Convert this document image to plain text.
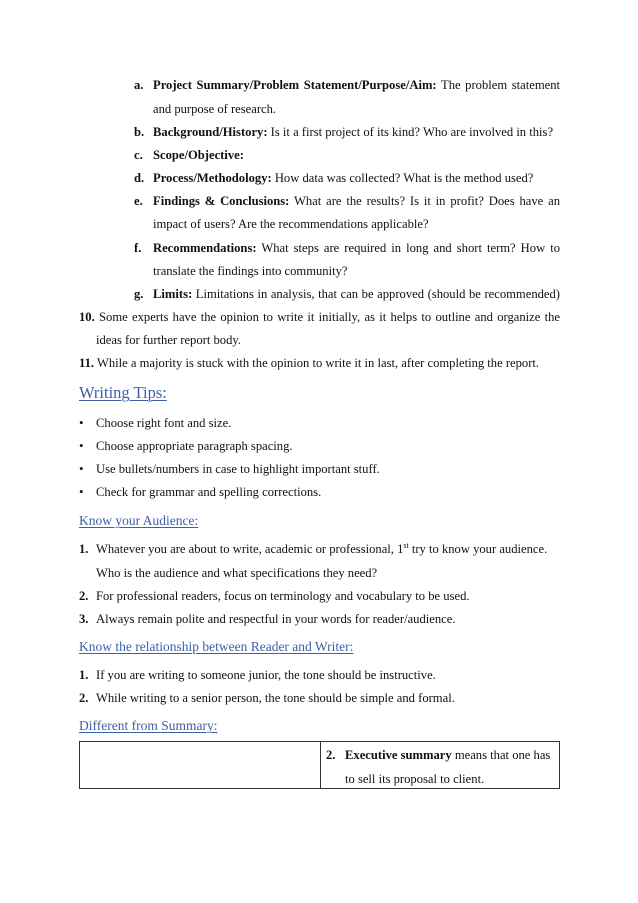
a. Project Summary/Problem Statement/Purpose/Aim: The problem statement
and purpose of research.
b. Background/History: Is it a first project of its kind? Who are involved in this?
c. Scope/Objective:
d. Process/Methodology: How data was collected? What is the method used?
e. Findings & Conclusions: What are the results? Is it in profit? Does have an
impact of users? Are the recommendations applicable?
f. Recommendations: What steps are required in long and short term? How to
translate the findings into community?
g. Limits: Limitations in analysis, that can be approved (should be recommended)
10. Some experts have the opinion to write it initially, as it helps to outline and organize the
ideas for further report body.
11. While a majority is stuck with the opinion to write it in last, after completing the report.
Writing Tips:
• Choose right font and size.
• Choose appropriate paragraph spacing.
• Use bullets/numbers in case to highlight important stuff.
• Check for grammar and spelling corrections.
Know your Audience:
1. Whatever you are about to write, academic or professional, 1st try to know your audience.
Who is the audience and what specifications they need?
2. For professional readers, focus on terminology and vocabulary to be used.
3. Always remain polite and respectful in your words for reader/audience.
Know the relationship between Reader and Writer:
1. If you are writing to someone junior, the tone should be instructive.
2. While writing to a senior person, the tone should be simple and formal.
Different from Summary:
2. Executive summary means that one has
to sell its proposal to client.
